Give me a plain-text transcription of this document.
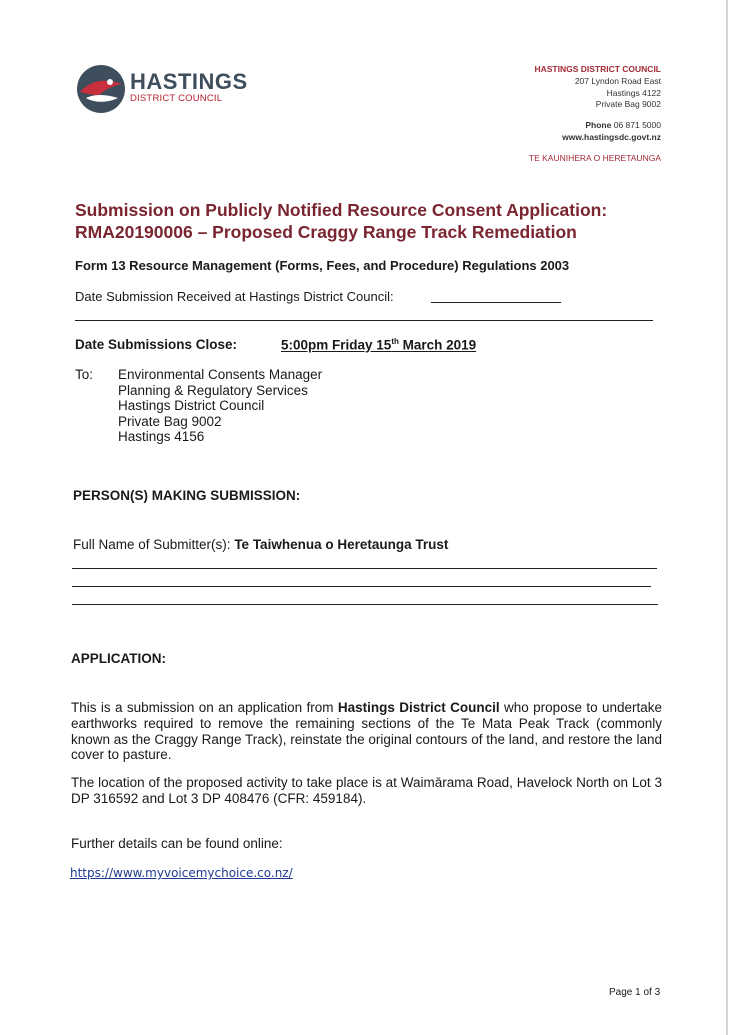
HASTINGS
DISTRICT COUNCIL
HASTINGS DISTRICT COUNCIL
207 Lyndon Road East
Hastings 4122
Private Bag 9002
Phone 06 871 5000
www.hastingsdc.govt.nz
TE KAUNIHERA O HERETAUNGA
Submission on Publicly Notified Resource Consent Application:
RMA20190006 – Proposed Craggy Range Track Remediation
Form 13 Resource Management (Forms, Fees, and Procedure) Regulations 2003
Date Submission Received at Hastings District Council:
Date Submissions Close:	5:00pm Friday 15th March 2019
To: Environmental Consents Manager
Planning & Regulatory Services
Hastings District Council
Private Bag 9002
Hastings 4156
PERSON(S) MAKING SUBMISSION:
Full Name of Submitter(s): Te Taiwhenua o Heretaunga Trust
APPLICATION:
This is a submission on an application from Hastings District Council who propose to undertake earthworks required to remove the remaining sections of the Te Mata Peak Track (commonly known as the Craggy Range Track), reinstate the original contours of the land, and restore the land cover to pasture.
The location of the proposed activity to take place is at Waimārama Road, Havelock North on Lot 3 DP 316592 and Lot 3 DP 408476 (CFR: 459184).
Further details can be found online:
https://www.myvoicemychoice.co.nz/
Page 1 of 3
